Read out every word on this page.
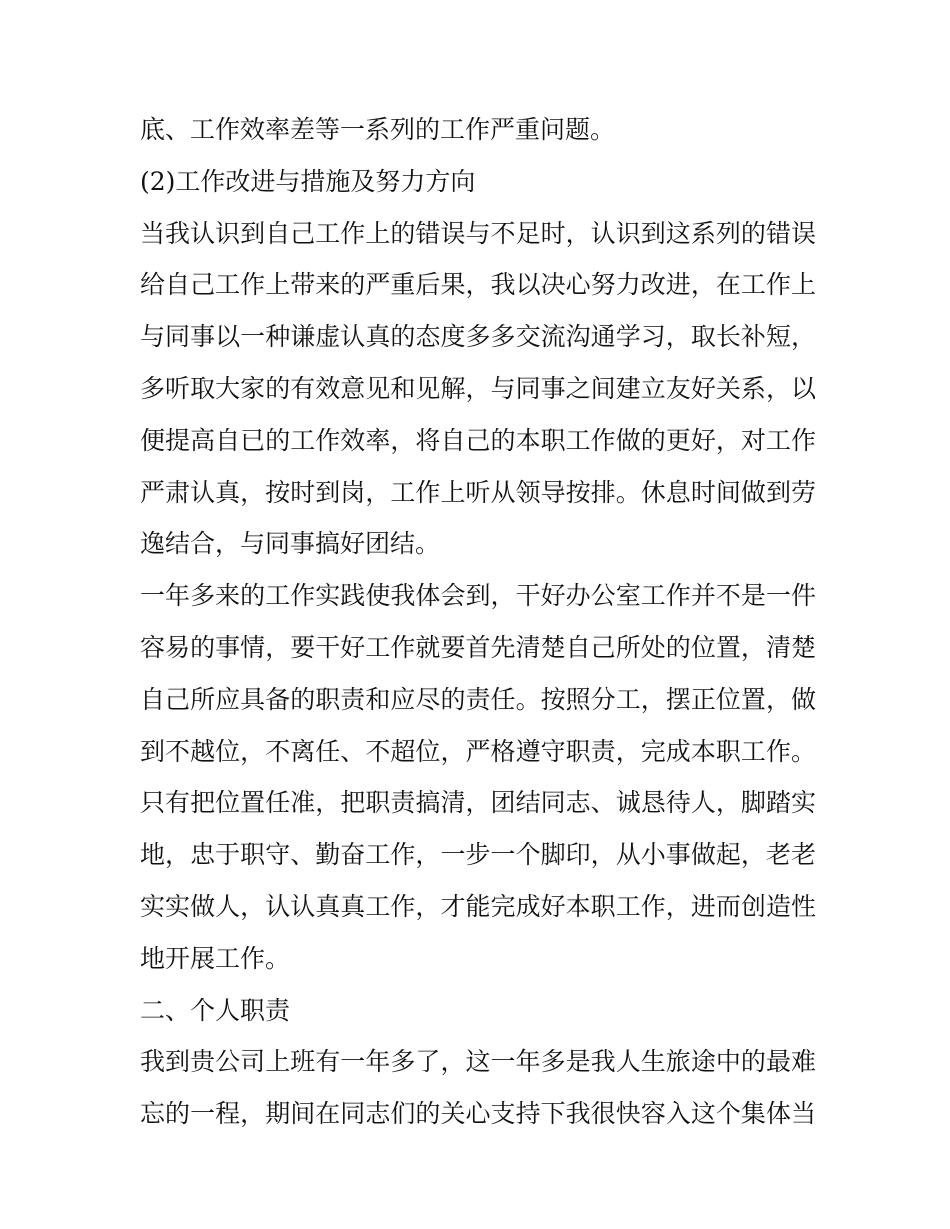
底、工作效率差等一系列的工作严重问题。
(2)工作改进与措施及努力方向
当我认识到自己工作上的错误与不足时，认识到这系列的错误
给自己工作上带来的严重后果，我以决心努力改进，在工作上
与同事以一种谦虚认真的态度多多交流沟通学习，取长补短，
多听取大家的有效意见和见解，与同事之间建立友好关系，以
便提高自已的工作效率，将自己的本职工作做的更好，对工作
严肃认真，按时到岗，工作上听从领导按排。休息时间做到劳
逸结合，与同事搞好团结。
一年多来的工作实践使我体会到，干好办公室工作并不是一件
容易的事情，要干好工作就要首先清楚自己所处的位置，清楚
自己所应具备的职责和应尽的责任。按照分工，摆正位置，做
到不越位，不离任、不超位，严格遵守职责，完成本职工作。
只有把位置任准，把职责搞清，团结同志、诚恳待人，脚踏实
地，忠于职守、勤奋工作，一步一个脚印，从小事做起，老老
实实做人，认认真真工作，才能完成好本职工作，进而创造性
地开展工作。
二、个人职责
我到贵公司上班有一年多了，这一年多是我人生旅途中的最难
忘的一程，期间在同志们的关心支持下我很快容入这个集体当
